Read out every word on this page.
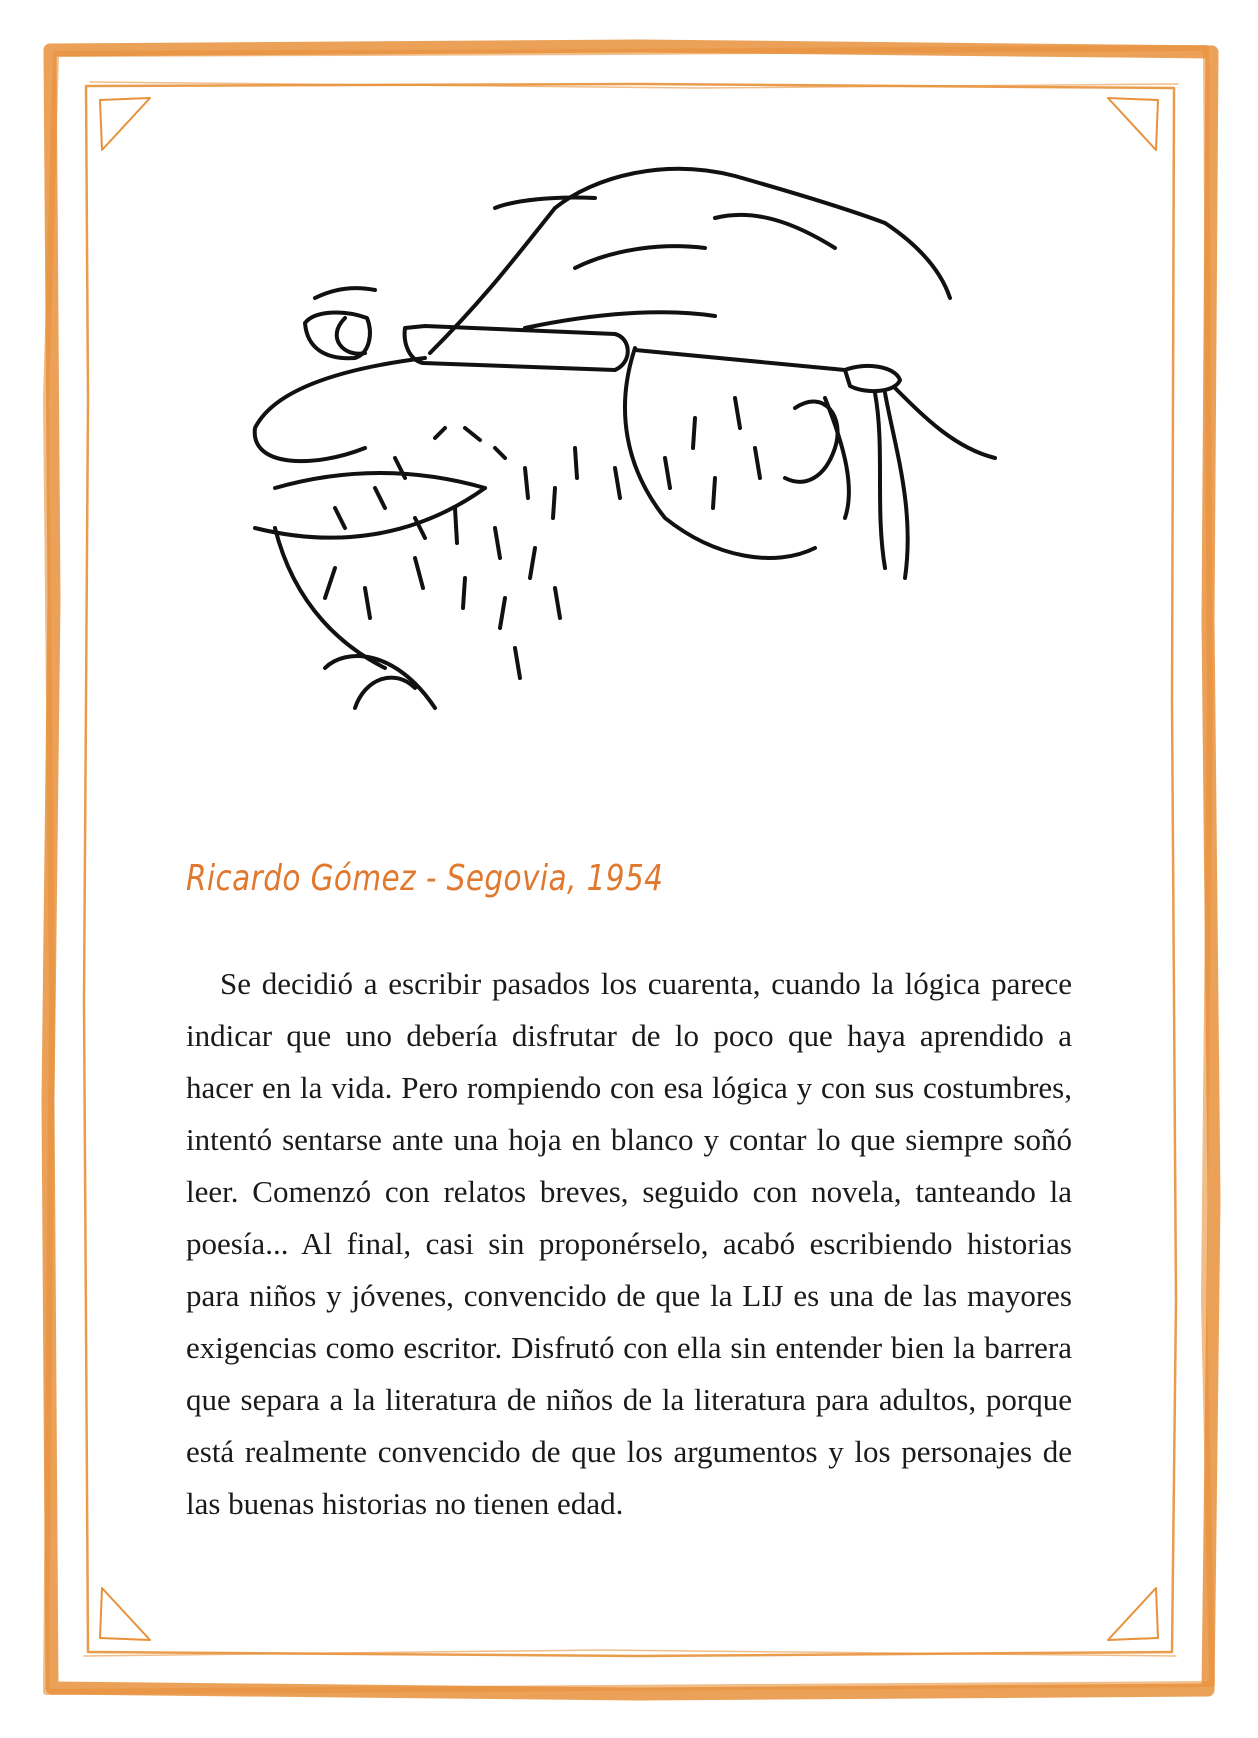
Ricardo Gómez - Segovia, 1954

Se decidió a escribir pasados los cuarenta, cuando la lógica parece indicar que uno debería disfrutar de lo poco que haya aprendido a hacer en la vida. Pero rompiendo con esa lógica y con sus costumbres, intentó sentarse ante una hoja en blanco y contar lo que siempre soñó leer. Comenzó con relatos breves, seguido con novela, tanteando la poesía... Al final, casi sin proponérselo, acabó escribiendo historias para niños y jóvenes, convencido de que la LIJ es una de las mayores exigencias como escritor. Disfrutó con ella sin entender bien la barrera que separa a la literatura de niños de la literatura para adultos, porque está realmente convencido de que los argumentos y los personajes de las buenas historias no tienen edad.
